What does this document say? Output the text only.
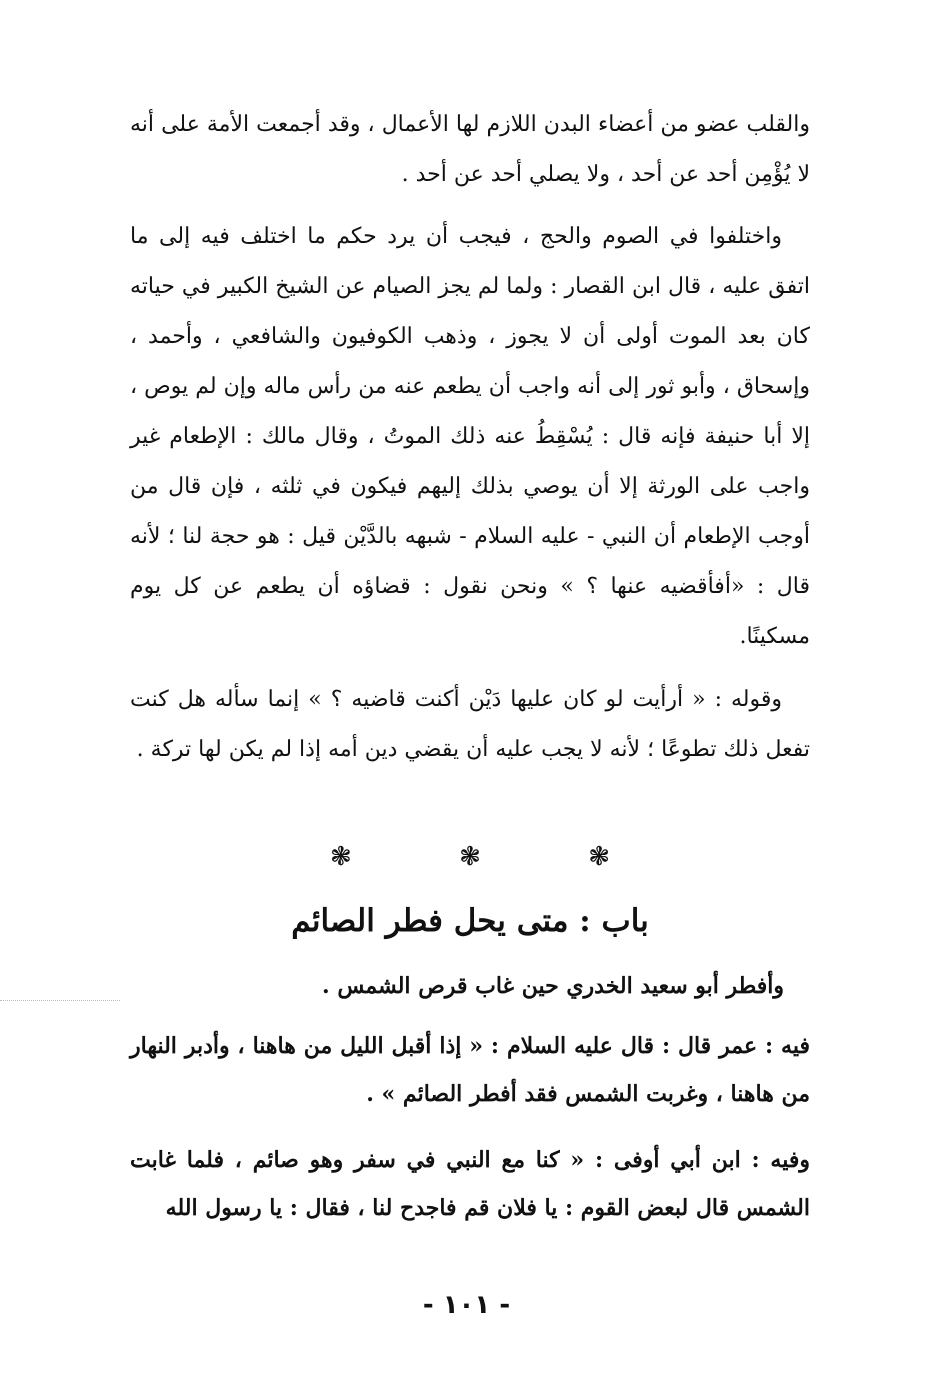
والقلب عضو من أعضاء البدن اللازم لها الأعمال ، وقد أجمعت الأمة على أنه لا يُؤْمِن أحد عن أحد ، ولا يصلي أحد عن أحد .

واختلفوا في الصوم والحج ، فيجب أن يرد حكم ما اختلف فيه إلى ما اتفق عليه ، قال ابن القصار : ولما لم يجز الصيام عن الشيخ الكبير في حياته كان بعد الموت أولى أن لا يجوز ، وذهب الكوفيون والشافعي ، وأحمد ، وإسحاق ، وأبو ثور إلى أنه واجب أن يطعم عنه من رأس ماله وإن لم يوص ، إلا أبا حنيفة فإنه قال : يُسْقِطُ عنه ذلك الموتُ ، وقال مالك : الإطعام غير واجب على الورثة إلا أن يوصي بذلك إليهم فيكون في ثلثه ، فإن قال من أوجب الإطعام أن النبي - عليه السلام - شبهه بالدَّيْن قيل : هو حجة لنا ؛ لأنه قال : «أفأقضيه عنها ؟ » ونحن نقول : قضاؤه أن يطعم عن كل يوم مسكينًا.

وقوله : « أرأيت لو كان عليها دَيْن أكنت قاضيه ؟ » إنما سأله هل كنت تفعل ذلك تطوعًا ؛ لأنه لا يجب عليه أن يقضي دين أمه إذا لم يكن لها تركة .

❃
❃
❃
باب : متى يحل فطر الصائم

وأفطر أبو سعيد الخدري حين غاب قرص الشمس .

فيه : عمر قال : قال عليه السلام : « إذا أقبل الليل من هاهنا ، وأدبر النهار من هاهنا ، وغربت الشمس فقد أفطر الصائم » .

وفيه : ابن أبي أوفى : « كنا مع النبي في سفر وهو صائم ، فلما غابت الشمس قال لبعض القوم : يا فلان قم فاجدح لنا ، فقال : يا رسول الله

- ١٠١ -
